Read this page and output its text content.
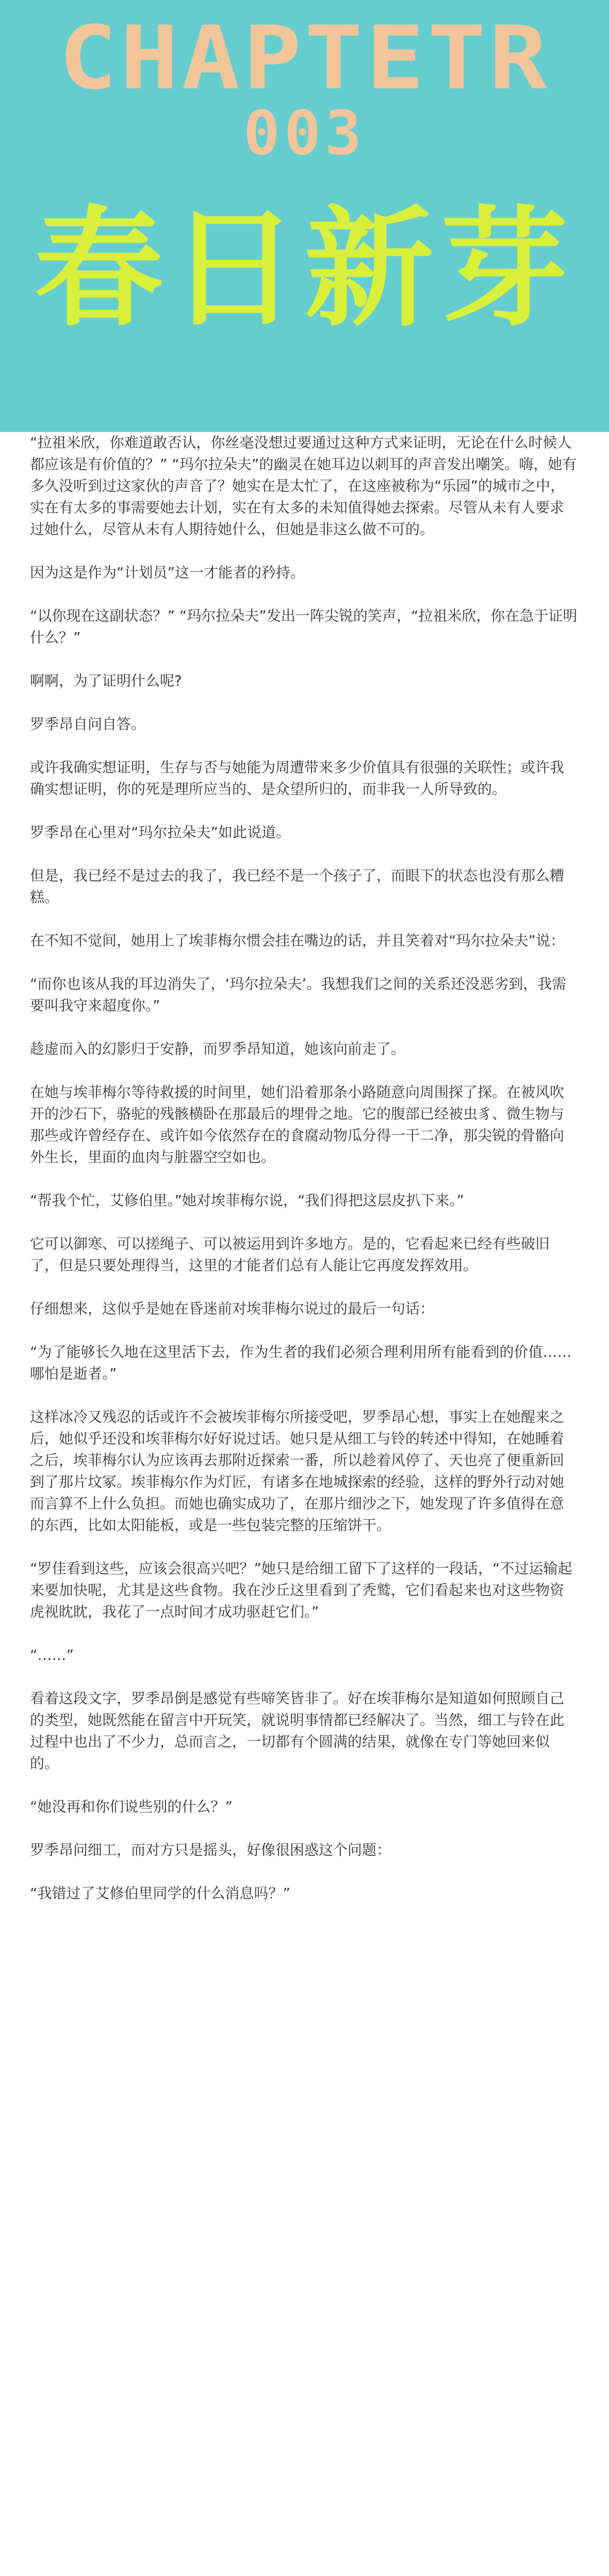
CHAPTETR
003
春日新芽

“拉祖米欣，你难道敢否认，你丝毫没想过要通过这种方式来证明，无论在什么时候人都应该是有价值的？” “玛尔拉朵夫”的幽灵在她耳边以刺耳的声音发出嘲笑。嗨，她有多久没听到过这家伙的声音了？她实在是太忙了，在这座被称为“乐园”的城市之中，实在有太多的事需要她去计划，实在有太多的未知值得她去探索。尽管从未有人要求过她什么，尽管从未有人期待她什么，但她是非这么做不可的。

因为这是作为“计划员”这一才能者的矜持。

“以你现在这副状态？” “玛尔拉朵夫”发出一阵尖锐的笑声，“拉祖米欣，你在急于证明什么？”

啊啊，为了证明什么呢?

罗季昂自问自答。

或许我确实想证明，生存与否与她能为周遭带来多少价值具有很强的关联性；或许我确实想证明，你的死是理所应当的、是众望所归的，而非我一人所导致的。

罗季昂在心里对“玛尔拉朵夫”如此说道。

但是，我已经不是过去的我了，我已经不是一个孩子了，而眼下的状态也没有那么糟糕。

在不知不觉间，她用上了埃菲梅尔惯会挂在嘴边的话，并且笑着对“玛尔拉朵夫”说：

“而你也该从我的耳边消失了，‘玛尔拉朵夫’。我想我们之间的关系还没恶劣到，我需要叫我守来超度你。”

趁虚而入的幻影归于安静，而罗季昂知道，她该向前走了。

在她与埃菲梅尔等待救援的时间里，她们沿着那条小路随意向周围探了探。在被风吹开的沙石下，骆驼的残骸横卧在那最后的埋骨之地。它的腹部已经被虫豸、微生物与那些或许曾经存在、或许如今依然存在的食腐动物瓜分得一干二净，那尖锐的骨骼向外生长，里面的血肉与脏器空空如也。

“帮我个忙，艾修伯里。”她对埃菲梅尔说，“我们得把这层皮扒下来。”

它可以御寒、可以搓绳子、可以被运用到许多地方。是的，它看起来已经有些破旧了，但是只要处理得当，这里的才能者们总有人能让它再度发挥效用。

仔细想来，这似乎是她在昏迷前对埃菲梅尔说过的最后一句话：

“为了能够长久地在这里活下去，作为生者的我们必须合理利用所有能看到的价值……哪怕是逝者。”

这样冰冷又残忍的话或许不会被埃菲梅尔所接受吧，罗季昂心想，事实上在她醒来之后，她似乎还没和埃菲梅尔好好说过话。她只是从细工与铃的转述中得知，在她睡着之后，埃菲梅尔认为应该再去那附近探索一番，所以趁着风停了、天也亮了便重新回到了那片坟冢。埃菲梅尔作为灯匠，有诸多在地城探索的经验，这样的野外行动对她而言算不上什么负担。而她也确实成功了，在那片细沙之下，她发现了许多值得在意的东西，比如太阳能板，或是一些包装完整的压缩饼干。

“罗佳看到这些，应该会很高兴吧？”她只是给细工留下了这样的一段话，“不过运输起来要加快呢，尤其是这些食物。我在沙丘这里看到了秃鹫，它们看起来也对这些物资虎视眈眈，我花了一点时间才成功驱赶它们。”

“……”

看着这段文字，罗季昂倒是感觉有些啼笑皆非了。好在埃菲梅尔是知道如何照顾自己的类型，她既然能在留言中开玩笑，就说明事情都已经解决了。当然，细工与铃在此过程中也出了不少力，总而言之，一切都有个圆满的结果，就像在专门等她回来似的。

“她没再和你们说些别的什么？”

罗季昂问细工，而对方只是摇头，好像很困惑这个问题：

“我错过了艾修伯里同学的什么消息吗？”
